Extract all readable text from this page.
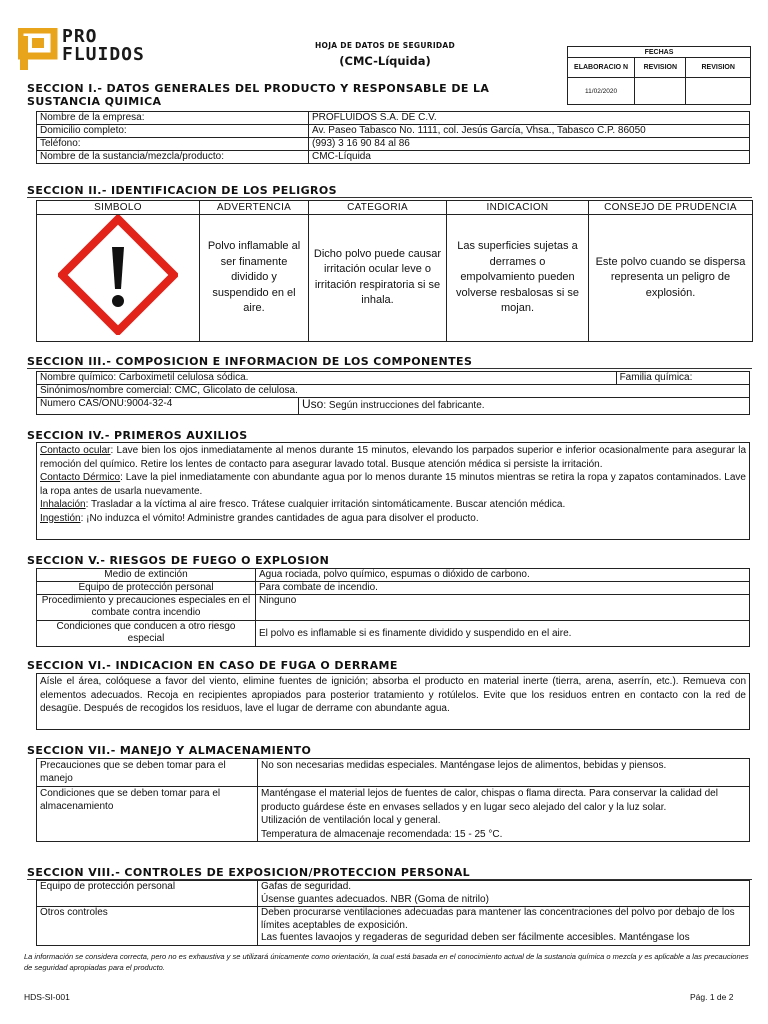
PRO
FLUIDOS	HOJA DE DATOS DE SEGURIDAD
(CMC-Líquida)
	FECHAS		
	ELABORACIO N	REVISION	REVISION
	11/02/2020		
SECCION I.- DATOS GENERALES DEL PRODUCTO Y RESPONSABLE DE LA
SUSTANCIA QUIMICA
Nombre de la empresa:	PROFLUIDOS S.A. DE C.V.
Domicilio completo:	Av. Paseo Tabasco No. 1111, col. Jesús García, Vhsa., Tabasco C.P. 86050
Teléfono:	(993) 3 16 90 84 al 86
Nombre de la sustancia/mezcla/producto:	CMC-Líquida
SECCION II.- IDENTIFICACION DE LOS PELIGROS
SIMBOLO	ADVERTENCIA	CATEGORIA	INDICACION	CONSEJO DE PRUDENCIA
	Polvo inflamable al ser finamente dividido y suspendido en el aire.	Dicho polvo puede causar irritación ocular leve o irritación respiratoria si se inhala.	Las superficies sujetas a derrames o empolvamiento pueden volverse resbalosas si se mojan.	Este polvo cuando se dispersa representa un peligro de explosión.
SECCION III.- COMPOSICION E INFORMACION DE LOS COMPONENTES
Nombre químico: Carboximetil celulosa sódica.		Familia química:
Sinónimos/nombre comercial: CMC, Glicolato de celulosa.		
Numero CAS/ONU:9004-32-4	Uso: Según instrucciones del fabricante.	
SECCION IV.- PRIMEROS AUXILIOS
Contacto ocular: Lave bien los ojos inmediatamente al menos durante 15 minutos, elevando los parpados superior e inferior ocasionalmente para asegurar la remoción del químico. Retire los lentes de contacto para asegurar lavado total. Busque atención médica si persiste la irritación.
Contacto Dérmico: Lave la piel inmediatamente con abundante agua por lo menos durante 15 minutos mientras se retira la ropa y zapatos contaminados. Lave la ropa antes de usarla nuevamente.
Inhalación: Trasladar a la víctima al aire fresco. Trátese cualquier irritación sintomáticamente. Buscar atención médica.
Ingestión: ¡No induzca el vómito! Administre grandes cantidades de agua para disolver el producto.
SECCION V.- RIESGOS DE FUEGO O EXPLOSION
Medio de extinción	Agua rociada, polvo químico, espumas o dióxido de carbono.
Equipo de protección personal	Para combate de incendio.
Procedimiento y precauciones especiales en el combate contra incendio	Ninguno
Condiciones que conducen a otro riesgo especial	El polvo es inflamable si es finamente dividido y suspendido en el aire.
SECCION VI.- INDICACION EN CASO DE FUGA O DERRAME
Aísle el área, colóquese a favor del viento, elimine fuentes de ignición; absorba el producto en material inerte (tierra, arena, aserrín, etc.). Remueva con elementos adecuados. Recoja en recipientes apropiados para posterior tratamiento y rotúlelos. Evite que los residuos entren en contacto con la red de desagüe. Después de recogidos los residuos, lave el lugar de derrame con abundante agua.
SECCION VII.- MANEJO Y ALMACENAMIENTO
Precauciones que se deben tomar para el manejo	No son necesarias medidas especiales. Manténgase lejos de alimentos, bebidas y piensos.
Condiciones que se deben tomar para el almacenamiento	Manténgase el material lejos de fuentes de calor, chispas o flama directa. Para conservar la calidad del producto guárdese éste en envases sellados y en lugar seco alejado del calor y la luz solar.
Utilización de ventilación local y general.
Temperatura de almacenaje recomendada: 15 - 25 °C.
SECCION VIII.- CONTROLES DE EXPOSICION/PROTECCION PERSONAL
Equipo de protección personal	Gafas de seguridad.
Úsense guantes adecuados. NBR (Goma de nitrilo)

Otros controles	Deben procurarse ventilaciones adecuadas para mantener las concentraciones del polvo por debajo de los límites aceptables de exposición.
Las fuentes lavaojos y regaderas de seguridad deben ser fácilmente accesibles. Manténgase los
La información se considera correcta, pero no es exhaustiva y se utilizará únicamente como orientación, la cual está basada en el conocimiento actual de la sustancia química o mezcla y es aplicable a las precauciones de seguridad apropiadas para el producto.
HDS-SI-001	Pág. 1 de 2
